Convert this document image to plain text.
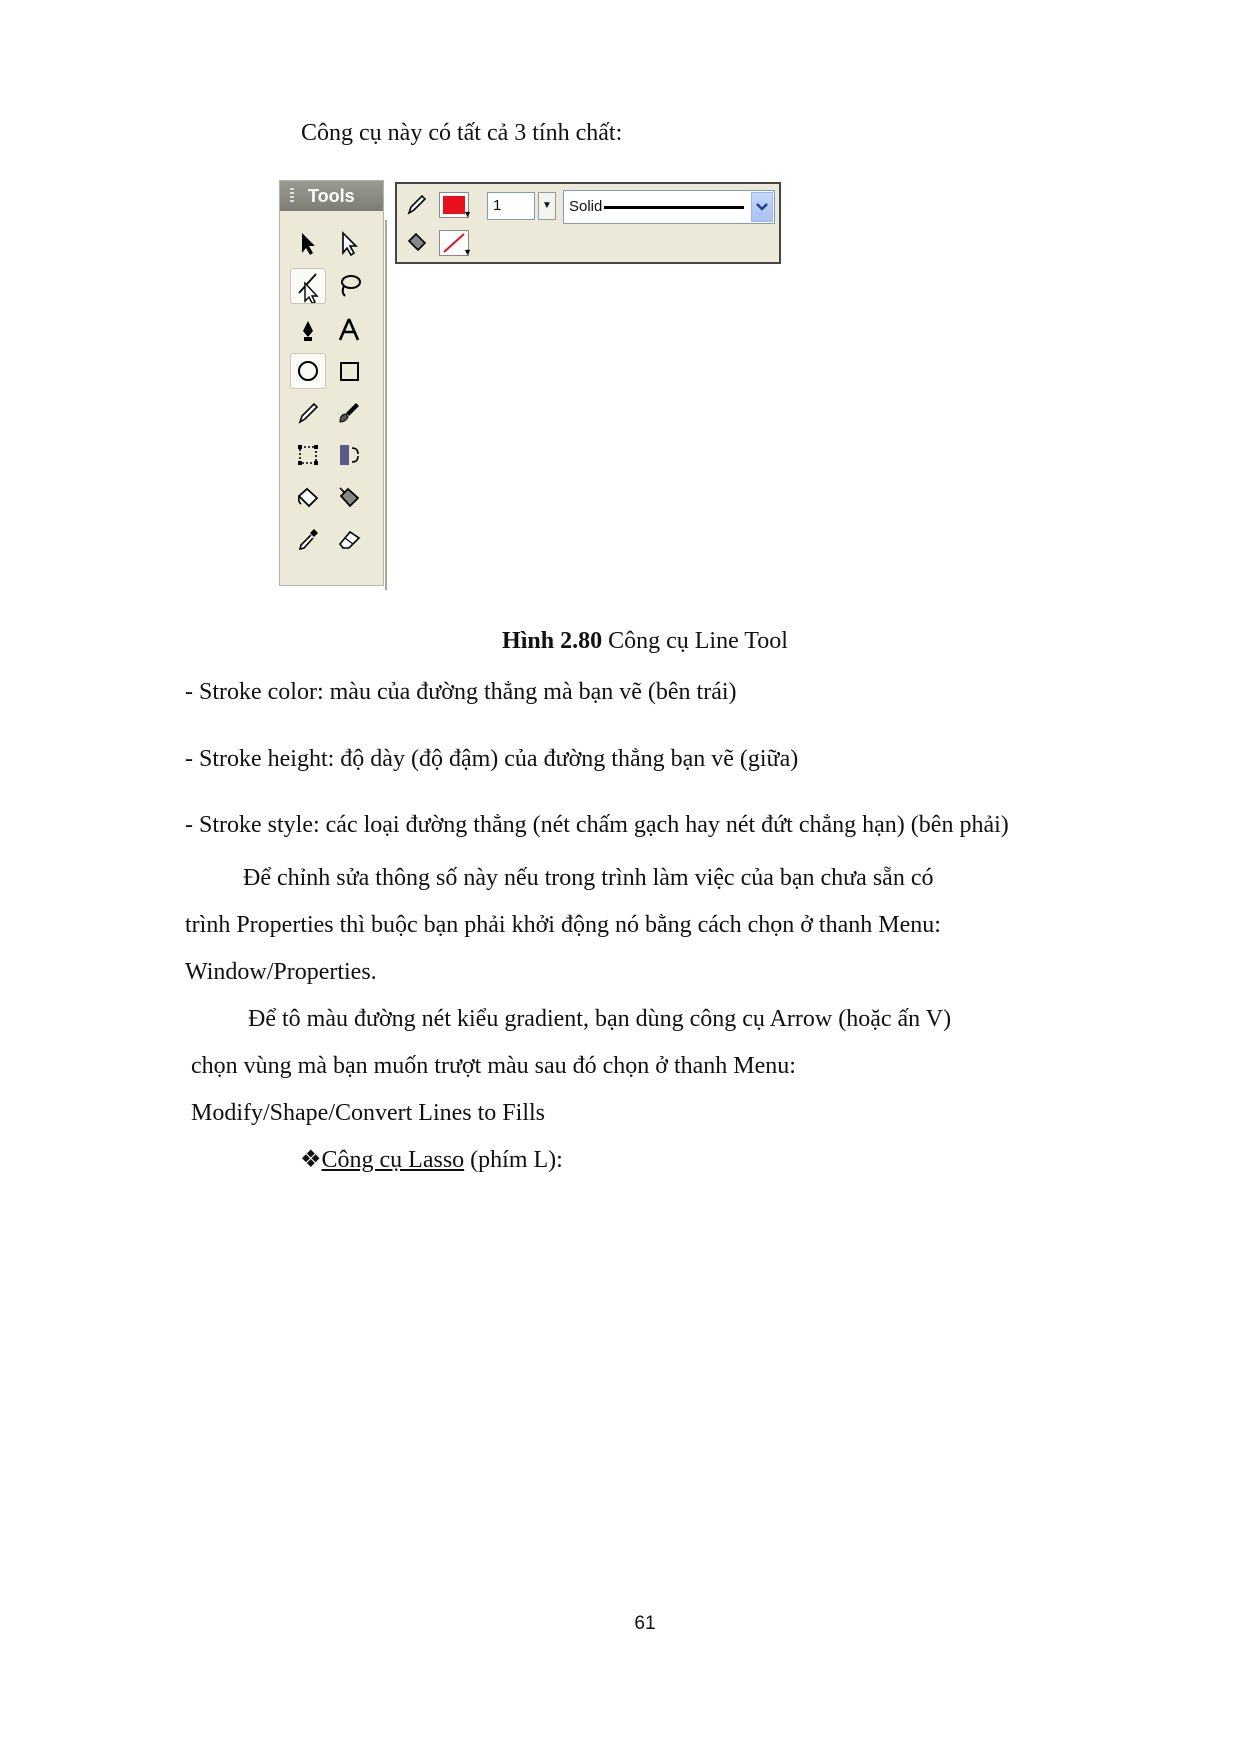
Công cụ này có tất cả 3 tính chất:
Tools
▼
▼
1	▼ Solid
Hình 2.80 Công cụ Line Tool
- Stroke color: màu của đường thẳng mà bạn vẽ (bên trái)
- Stroke height: độ dày (độ đậm) của đường thẳng bạn vẽ (giữa)
- Stroke style: các loại đường thẳng (nét chấm gạch hay nét đứt chẳng hạn) (bên phải)
Để chỉnh sửa thông số này nếu trong trình làm việc của bạn chưa sẵn có
trình Properties thì buộc bạn phải khởi động nó bằng cách chọn ở thanh Menu:
Window/Properties.
Để tô màu đường nét kiểu gradient, bạn dùng công cụ Arrow (hoặc ấn V)
chọn vùng mà bạn muốn trượt màu sau đó chọn ở thanh Menu:
Modify/Shape/Convert Lines to Fills
❖Công cụ Lasso (phím L):
61
